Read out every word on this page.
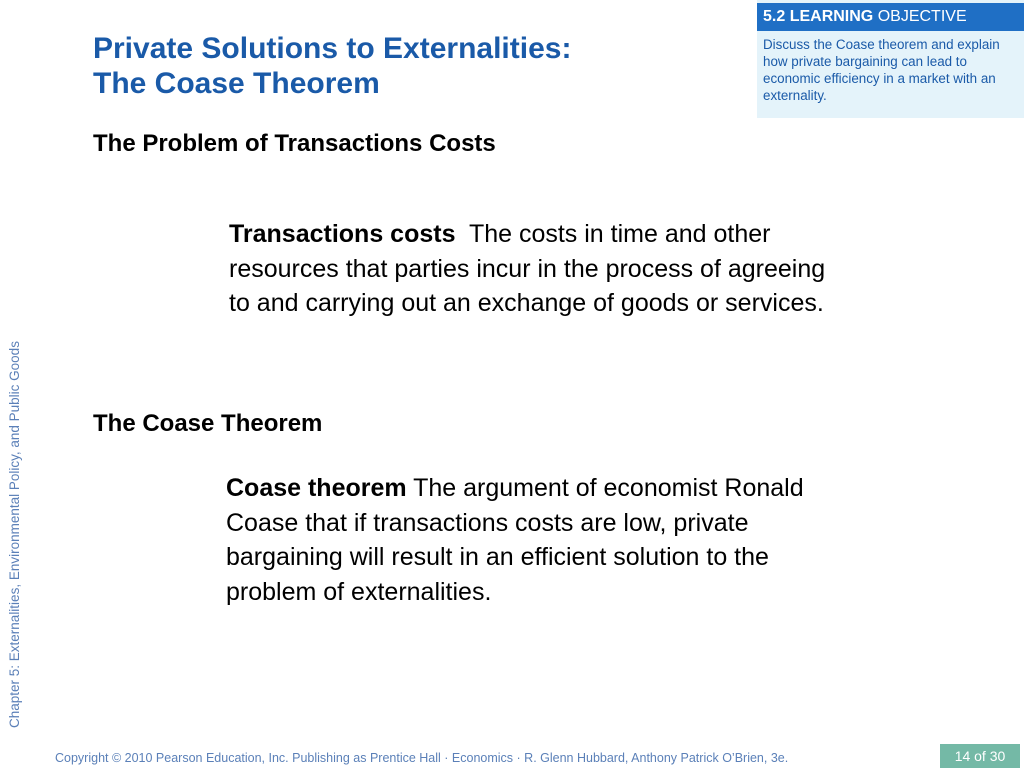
Private Solutions to Externalities:
The Coase Theorem
5.2 LEARNING OBJECTIVE
Discuss the Coase theorem and explain how private bargaining can lead to economic efficiency in a market with an externality.
The Problem of Transactions Costs

Transactions costs The costs in time and other resources that parties incur in the process of agreeing to and carrying out an exchange of goods or services.

The Coase Theorem

Coase theorem The argument of economist Ronald Coase that if transactions costs are low, private bargaining will result in an efficient solution to the problem of externalities.

Chapter 5: Externalities, Environmental Policy, and Public Goods
Copyright © 2010 Pearson Education, Inc. Publishing as Prentice Hall · Economics · R. Glenn Hubbard, Anthony Patrick O’Brien, 3e.	14 of 30
